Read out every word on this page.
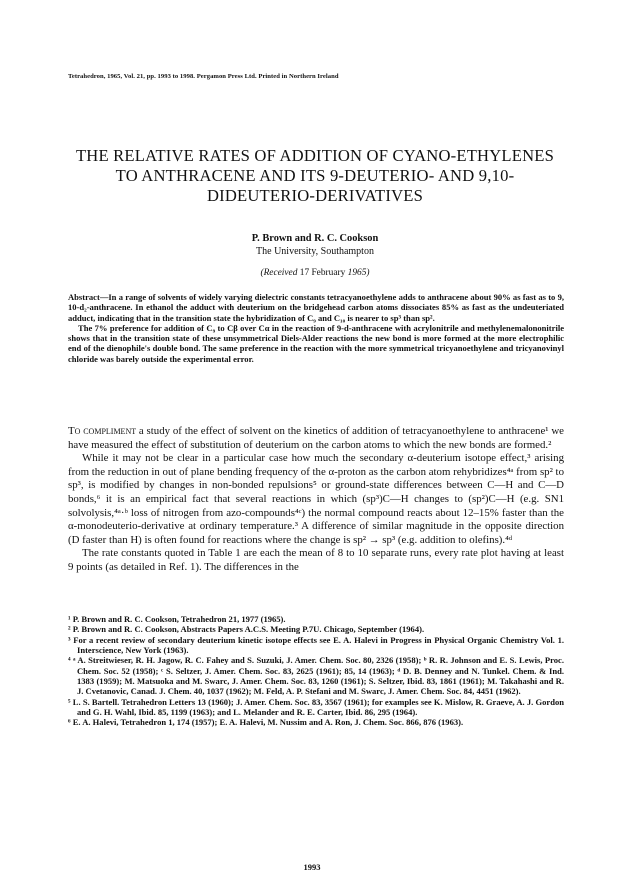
Tetrahedron, 1965, Vol. 21, pp. 1993 to 1998. Pergamon Press Ltd. Printed in Northern Ireland
THE RELATIVE RATES OF ADDITION OF CYANO-ETHYLENES TO ANTHRACENE AND ITS 9-DEUTERIO- AND 9,10-DIDEUTERIO-DERIVATIVES
P. Brown and R. C. Cookson
The University, Southampton
(Received 17 February 1965)

Abstract—In a range of solvents of widely varying dielectric constants tetracyanoethylene adds to anthracene about 90% as fast as to 9, 10-d₂-anthracene. In ethanol the adduct with deuterium on the bridgehead carbon atoms dissociates 85% as fast as the undeuteriated adduct, indicating that in the transition state the hybridization of C₉ and C₁₀ is nearer to sp³ than sp².

The 7% preference for addition of C₉ to Cβ over Cα in the reaction of 9-d-anthracene with acrylonitrile and methylenemalononitrile shows that in the transition state of these unsymmetrical Diels-Alder reactions the new bond is more formed at the more electrophilic end of the dienophile's double bond. The same preference in the reaction with the more symmetrical tricyanoethylene and tricyanovinyl chloride was barely outside the experimental error.

To compliment a study of the effect of solvent on the kinetics of addition of tetracyanoethylene to anthracene¹ we have measured the effect of substitution of deuterium on the carbon atoms to which the new bonds are formed.²

While it may not be clear in a particular case how much the secondary α-deuterium isotope effect,³ arising from the reduction in out of plane bending frequency of the α-proton as the carbon atom rehybridizes⁴ᵃ from sp² to sp³, is modified by changes in non-bonded repulsions⁵ or ground-state differences between C—H and C—D bonds,⁶ it is an empirical fact that several reactions in which (sp³)C—H changes to (sp²)C—H (e.g. SN1 solvolysis,⁴ᵃ·ᵇ loss of nitrogen from azo-compounds⁴ᶜ) the normal compound reacts about 12–15% faster than the α-monodeuterio-derivative at ordinary temperature.³ A difference of similar magnitude in the opposite direction (D faster than H) is often found for reactions where the change is sp² → sp³ (e.g. addition to olefins).⁴ᵈ

The rate constants quoted in Table 1 are each the mean of 8 to 10 separate runs, every rate plot having at least 9 points (as detailed in Ref. 1). The differences in the

¹ P. Brown and R. C. Cookson, Tetrahedron 21, 1977 (1965).

² P. Brown and R. C. Cookson, Abstracts Papers A.C.S. Meeting P.7U. Chicago, September (1964).

³ For a recent review of secondary deuterium kinetic isotope effects see E. A. Halevi in Progress in Physical Organic Chemistry Vol. 1. Interscience, New York (1963).

⁴ ᵃ A. Streitwieser, R. H. Jagow, R. C. Fahey and S. Suzuki, J. Amer. Chem. Soc. 80, 2326 (1958); ᵇ R. R. Johnson and E. S. Lewis, Proc. Chem. Soc. 52 (1958); ᶜ S. Seltzer, J. Amer. Chem. Soc. 83, 2625 (1961); 85, 14 (1963); ᵈ D. B. Denney and N. Tunkel. Chem. & Ind. 1383 (1959); M. Matsuoka and M. Swarc, J. Amer. Chem. Soc. 83, 1260 (1961); S. Seltzer, Ibid. 83, 1861 (1961); M. Takahashi and R. J. Cvetanovic, Canad. J. Chem. 40, 1037 (1962); M. Feld, A. P. Stefani and M. Swarc, J. Amer. Chem. Soc. 84, 4451 (1962).

⁵ L. S. Bartell. Tetrahedron Letters 13 (1960); J. Amer. Chem. Soc. 83, 3567 (1961); for examples see K. Mislow, R. Graeve, A. J. Gordon and G. H. Wahl, Ibid. 85, 1199 (1963); and L. Melander and R. E. Carter, Ibid. 86, 295 (1964).

⁶ E. A. Halevi, Tetrahedron 1, 174 (1957); E. A. Halevi, M. Nussim and A. Ron, J. Chem. Soc. 866, 876 (1963).

1993
